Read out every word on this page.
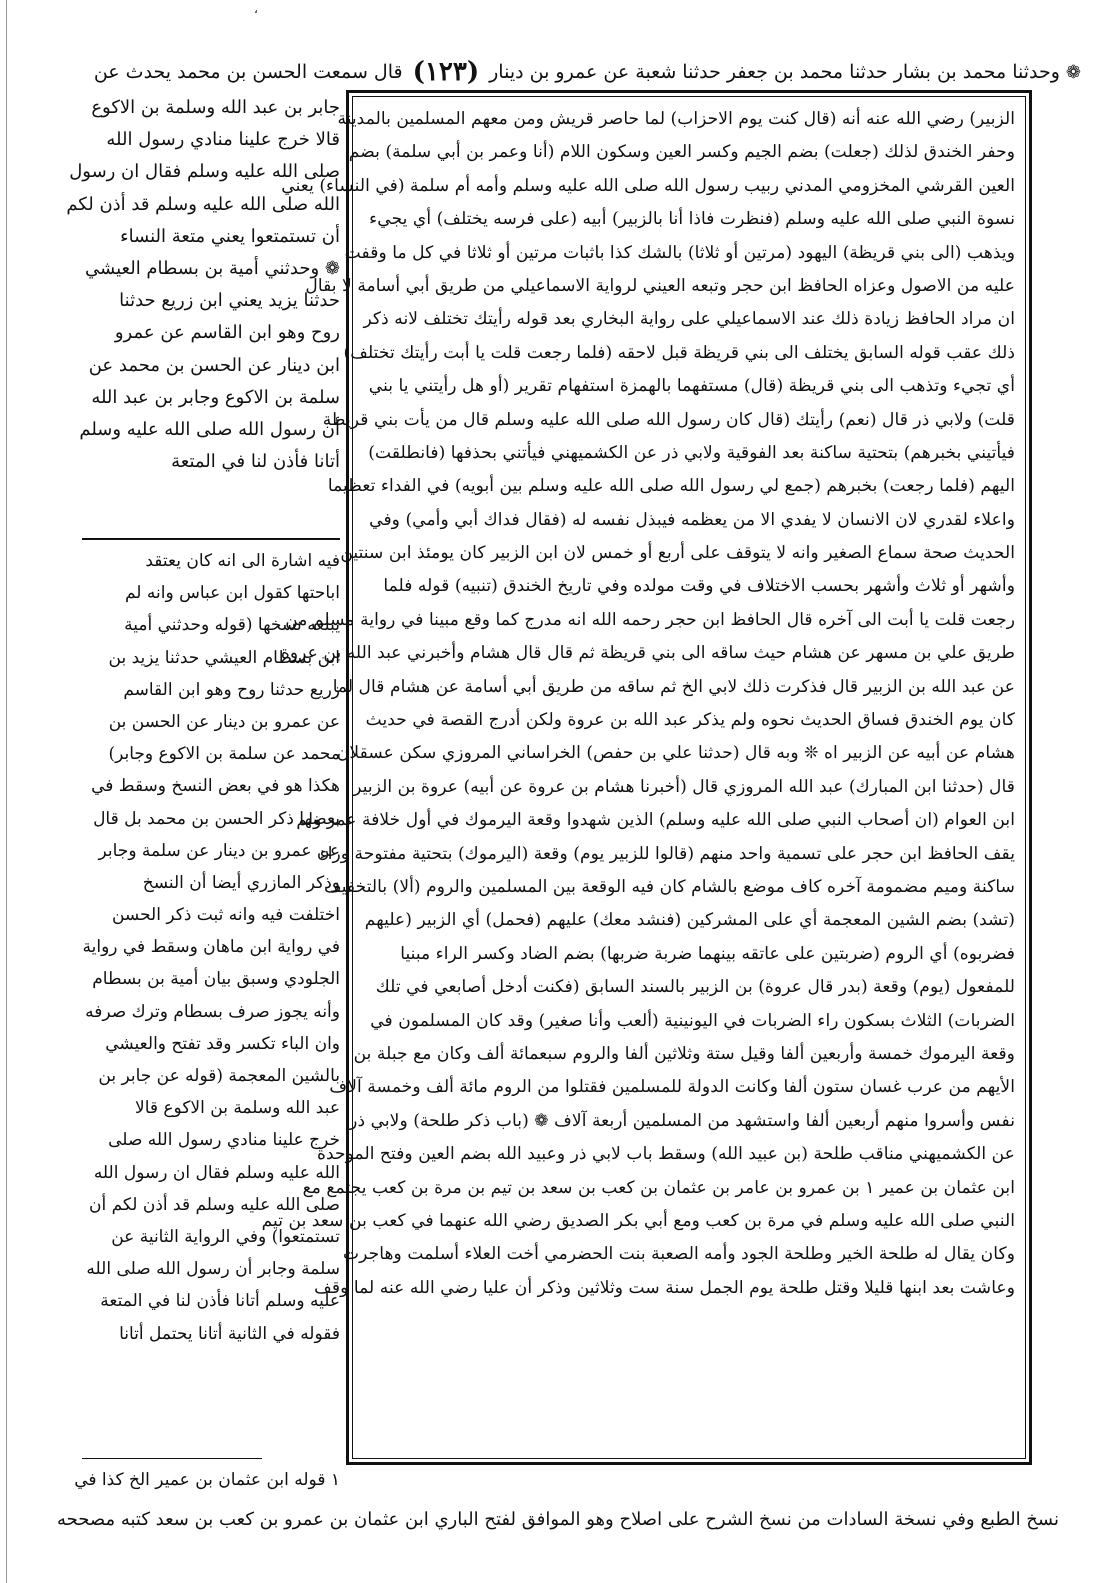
،
❁
وحدثنا محمد بن بشار حدثنا محمد بن جعفر حدثنا شعبة عن عمرو بن دينار
(١٢٣)
قال سمعت الحسن بن محمد يحدث عن
الزبير) رضي الله عنه أنه (قال كنت يوم الاحزاب) لما حاصر قريش ومن معهم المسلمين بالمدينة
وحفر الخندق لذلك (جعلت) بضم الجيم وكسر العين وسكون اللام (أنا وعمر بن أبي سلمة) بضم
العين القرشي المخزومي المدني ربيب رسول الله صلى الله عليه وسلم وأمه أم سلمة (في النساء) يعني
نسوة النبي صلى الله عليه وسلم (فنظرت فاذا أنا بالزبير) أبيه (على فرسه يختلف) أي يجيء
ويذهب (الى بني قريظة) اليهود (مرتين أو ثلاثا) بالشك كذا باثبات مرتين أو ثلاثا في كل ما وقفت
عليه من الاصول وعزاه الحافظ ابن حجر وتبعه العيني لرواية الاسماعيلي من طريق أبي أسامة لا بقال
ان مراد الحافظ زيادة ذلك عند الاسماعيلي على رواية البخاري بعد قوله رأيتك تختلف لانه ذكر
ذلك عقب قوله السابق يختلف الى بني قريظة قبل لاحقه (فلما رجعت قلت يا أبت رأيتك تختلف)
أي تجيء وتذهب الى بني قريظة (قال) مستفهما بالهمزة استفهام تقرير (أو هل رأيتني يا بني
قلت) ولابي ذر قال (نعم) رأيتك (قال كان رسول الله صلى الله عليه وسلم قال من يأت بني قريظة
فيأتيني بخبرهم) بتحتية ساكنة بعد الفوقية ولابي ذر عن الكشميهني فيأتني بحذفها (فانطلقت)
اليهم (فلما رجعت) بخبرهم (جمع لي رسول الله صلى الله عليه وسلم بين أبويه) في الفداء تعظيما
واعلاء لقدري لان الانسان لا يفدي الا من يعظمه فيبذل نفسه له (فقال فداك أبي وأمي) وفي
الحديث صحة سماع الصغير وانه لا يتوقف على أربع أو خمس لان ابن الزبير كان يومئذ ابن سنتين
وأشهر أو ثلاث وأشهر بحسب الاختلاف في وقت مولده وفي تاريخ الخندق (تنبيه) قوله فلما
رجعت قلت يا أبت الى آخره قال الحافظ ابن حجر رحمه الله انه مدرج كما وقع مبينا في رواية مسلم من
طريق علي بن مسهر عن هشام حيث ساقه الى بني قريظة ثم قال قال هشام وأخبرني عبد الله بن عروة
عن عبد الله بن الزبير قال فذكرت ذلك لابي الخ ثم ساقه من طريق أبي أسامة عن هشام قال لما
كان يوم الخندق فساق الحديث نحوه ولم يذكر عبد الله بن عروة ولكن أدرج القصة في حديث
هشام عن أبيه عن الزبير اه ❊ وبه قال (حدثنا علي بن حفص) الخراساني المروزي سكن عسقلان
قال (حدثنا ابن المبارك) عبد الله المروزي قال (أخبرنا هشام بن عروة عن أبيه) عروة بن الزبير
ابن العوام (ان أصحاب النبي صلى الله عليه وسلم) الذين شهدوا وقعة اليرموك في أول خلافة عمر ولم
يقف الحافظ ابن حجر على تسمية واحد منهم (قالوا للزبير يوم) وقعة (اليرموك) بتحتية مفتوحة وراء
ساكنة وميم مضمومة آخره كاف موضع بالشام كان فيه الوقعة بين المسلمين والروم (ألا) بالتخفيف
(تشد) بضم الشين المعجمة أي على المشركين (فنشد معك) عليهم (فحمل) أي الزبير (عليهم
فضربوه) أي الروم (ضربتين على عاتقه بينهما ضربة ضربها) بضم الضاد وكسر الراء مبنيا
للمفعول (يوم) وقعة (بدر قال عروة) بن الزبير بالسند السابق (فكنت أدخل أصابعي في تلك
الضربات) الثلاث بسكون راء الضربات في اليونينية (ألعب وأنا صغير) وقد كان المسلمون في
وقعة اليرموك خمسة وأربعين ألفا وقيل ستة وثلاثين ألفا والروم سبعمائة ألف وكان مع جبلة بن
الأيهم من عرب غسان ستون ألفا وكانت الدولة للمسلمين فقتلوا من الروم مائة ألف وخمسة آلاف
نفس وأسروا منهم أربعين ألفا واستشهد من المسلمين أربعة آلاف ❁ (باب ذكر طلحة) ولابي ذر
عن الكشميهني مناقب طلحة (بن عبيد الله) وسقط باب لابي ذر وعبيد الله بضم العين وفتح الموحدة
ابن عثمان بن عمير ١ بن عمرو بن عامر بن عثمان بن كعب بن سعد بن تيم بن مرة بن كعب يجتمع مع
النبي صلى الله عليه وسلم في مرة بن كعب ومع أبي بكر الصديق رضي الله عنهما في كعب بن سعد بن تيم
وكان يقال له طلحة الخير وطلحة الجود وأمه الصعبة بنت الحضرمي أخت العلاء أسلمت وهاجرت
وعاشت بعد ابنها قليلا وقتل طلحة يوم الجمل سنة ست وثلاثين وذكر أن عليا رضي الله عنه لما وقف
جابر بن عبد الله وسلمة بن الاكوع
قالا خرج علينا منادي رسول الله
صلى الله عليه وسلم فقال ان رسول
الله صلى الله عليه وسلم قد أذن لكم
أن تستمتعوا يعني متعة النساء
❁ وحدثني أمية بن بسطام العيشي
حدثنا يزيد يعني ابن زريع حدثنا
روح وهو ابن القاسم عن عمرو
ابن دينار عن الحسن بن محمد عن
سلمة بن الاكوع وجابر بن عبد الله
أن رسول الله صلى الله عليه وسلم
أتانا فأذن لنا في المتعة
فيه اشارة الى انه كان يعتقد
اباحتها كقول ابن عباس وانه لم
يبلغه نسخها (قوله وحدثني أمية
ابن بسطام العيشي حدثنا يزيد بن
زريع حدثنا روح وهو ابن القاسم
عن عمرو بن دينار عن الحسن بن
محمد عن سلمة بن الاكوع وجابر)
هكذا هو في بعض النسخ وسقط في
بعضها ذكر الحسن بن محمد بل قال
عن عمرو بن دينار عن سلمة وجابر
وذكر المازري أيضا أن النسخ
اختلفت فيه وانه ثبت ذكر الحسن
في رواية ابن ماهان وسقط في رواية
الجلودي وسبق بيان أمية بن بسطام
وأنه يجوز صرف بسطام وترك صرفه
وان الباء تكسر وقد تفتح والعيشي
بالشين المعجمة (قوله عن جابر بن
عبد الله وسلمة بن الاكوع قالا
خرج علينا منادي رسول الله صلى
الله عليه وسلم فقال ان رسول الله
صلى الله عليه وسلم قد أذن لكم أن
تستمتعوا) وفي الرواية الثانية عن
سلمة وجابر أن رسول الله صلى الله
عليه وسلم أتانا فأذن لنا في المتعة
فقوله في الثانية أتانا يحتمل أتانا
١ قوله ابن عثمان بن عمير الخ كذا في
نسخ الطبع وفي نسخة السادات من نسخ الشرح على اصلاح وهو الموافق لفتح الباري ابن عثمان بن عمرو بن كعب بن سعد كتبه مصححه
